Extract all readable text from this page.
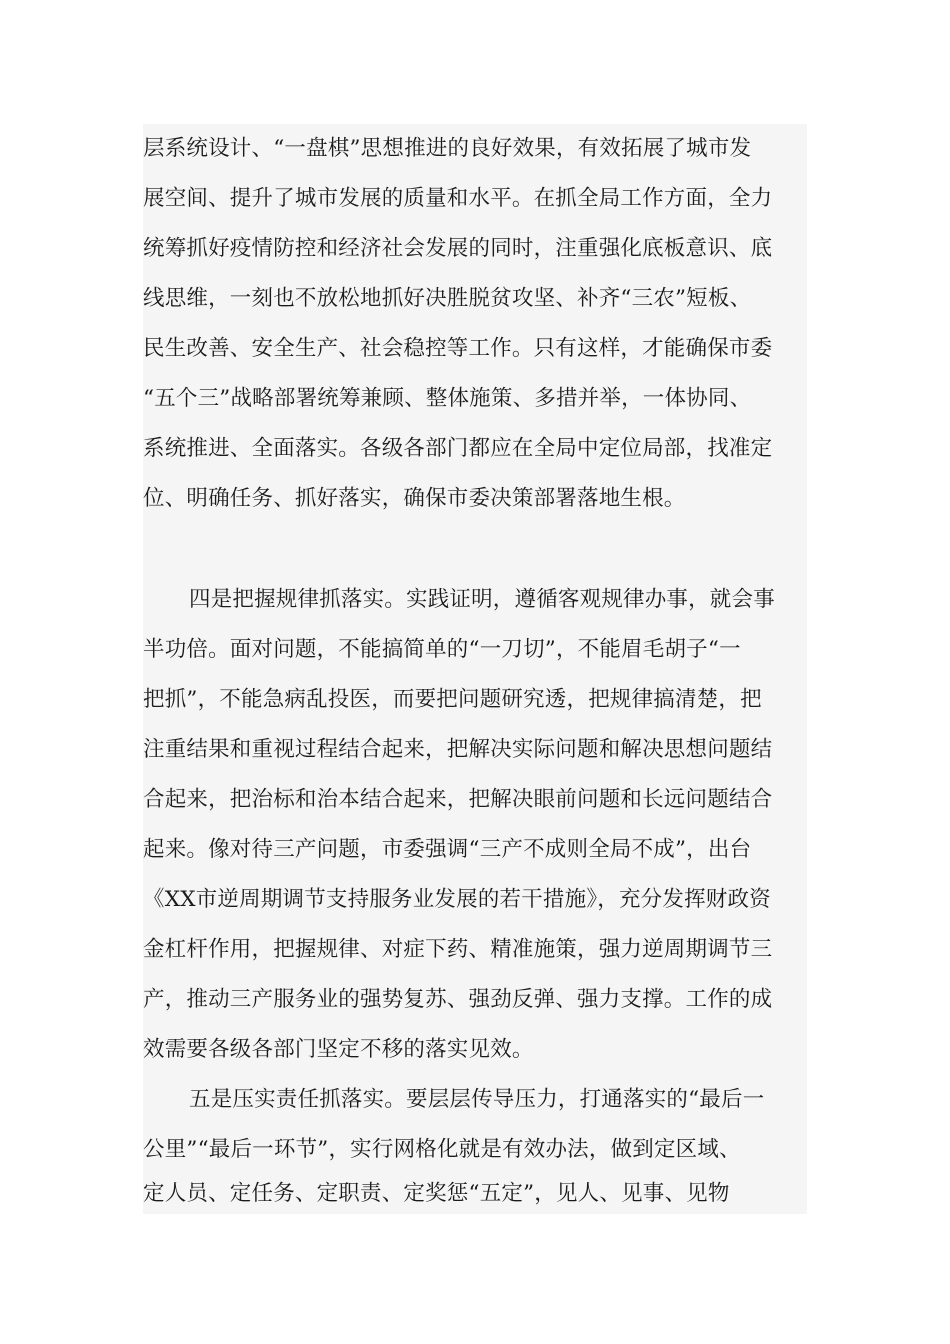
层系统设计、“一盘棋”思想推进的良好效果，有效拓展了城市发
展空间、提升了城市发展的质量和水平。在抓全局工作方面，全力
统筹抓好疫情防控和经济社会发展的同时，注重强化底板意识、底
线思维，一刻也不放松地抓好决胜脱贫攻坚、补齐“三农”短板、
民生改善、安全生产、社会稳控等工作。只有这样，才能确保市委
“五个三”战略部署统筹兼顾、整体施策、多措并举，一体协同、
系统推进、全面落实。各级各部门都应在全局中定位局部，找准定
位、明确任务、抓好落实，确保市委决策部署落地生根。
四是把握规律抓落实。实践证明，遵循客观规律办事，就会事
半功倍。面对问题，不能搞简单的“一刀切”，不能眉毛胡子“一
把抓”，不能急病乱投医，而要把问题研究透，把规律搞清楚，把
注重结果和重视过程结合起来，把解决实际问题和解决思想问题结
合起来，把治标和治本结合起来，把解决眼前问题和长远问题结合
起来。像对待三产问题，市委强调“三产不成则全局不成”，出台
《XX市逆周期调节支持服务业发展的若干措施》，充分发挥财政资
金杠杆作用，把握规律、对症下药、精准施策，强力逆周期调节三
产，推动三产服务业的强势复苏、强劲反弹、强力支撑。工作的成
效需要各级各部门坚定不移的落实见效。
五是压实责任抓落实。要层层传导压力，打通落实的“最后一
公里”“最后一环节”，实行网格化就是有效办法，做到定区域、
定人员、定任务、定职责、定奖惩“五定”，见人、见事、见物
